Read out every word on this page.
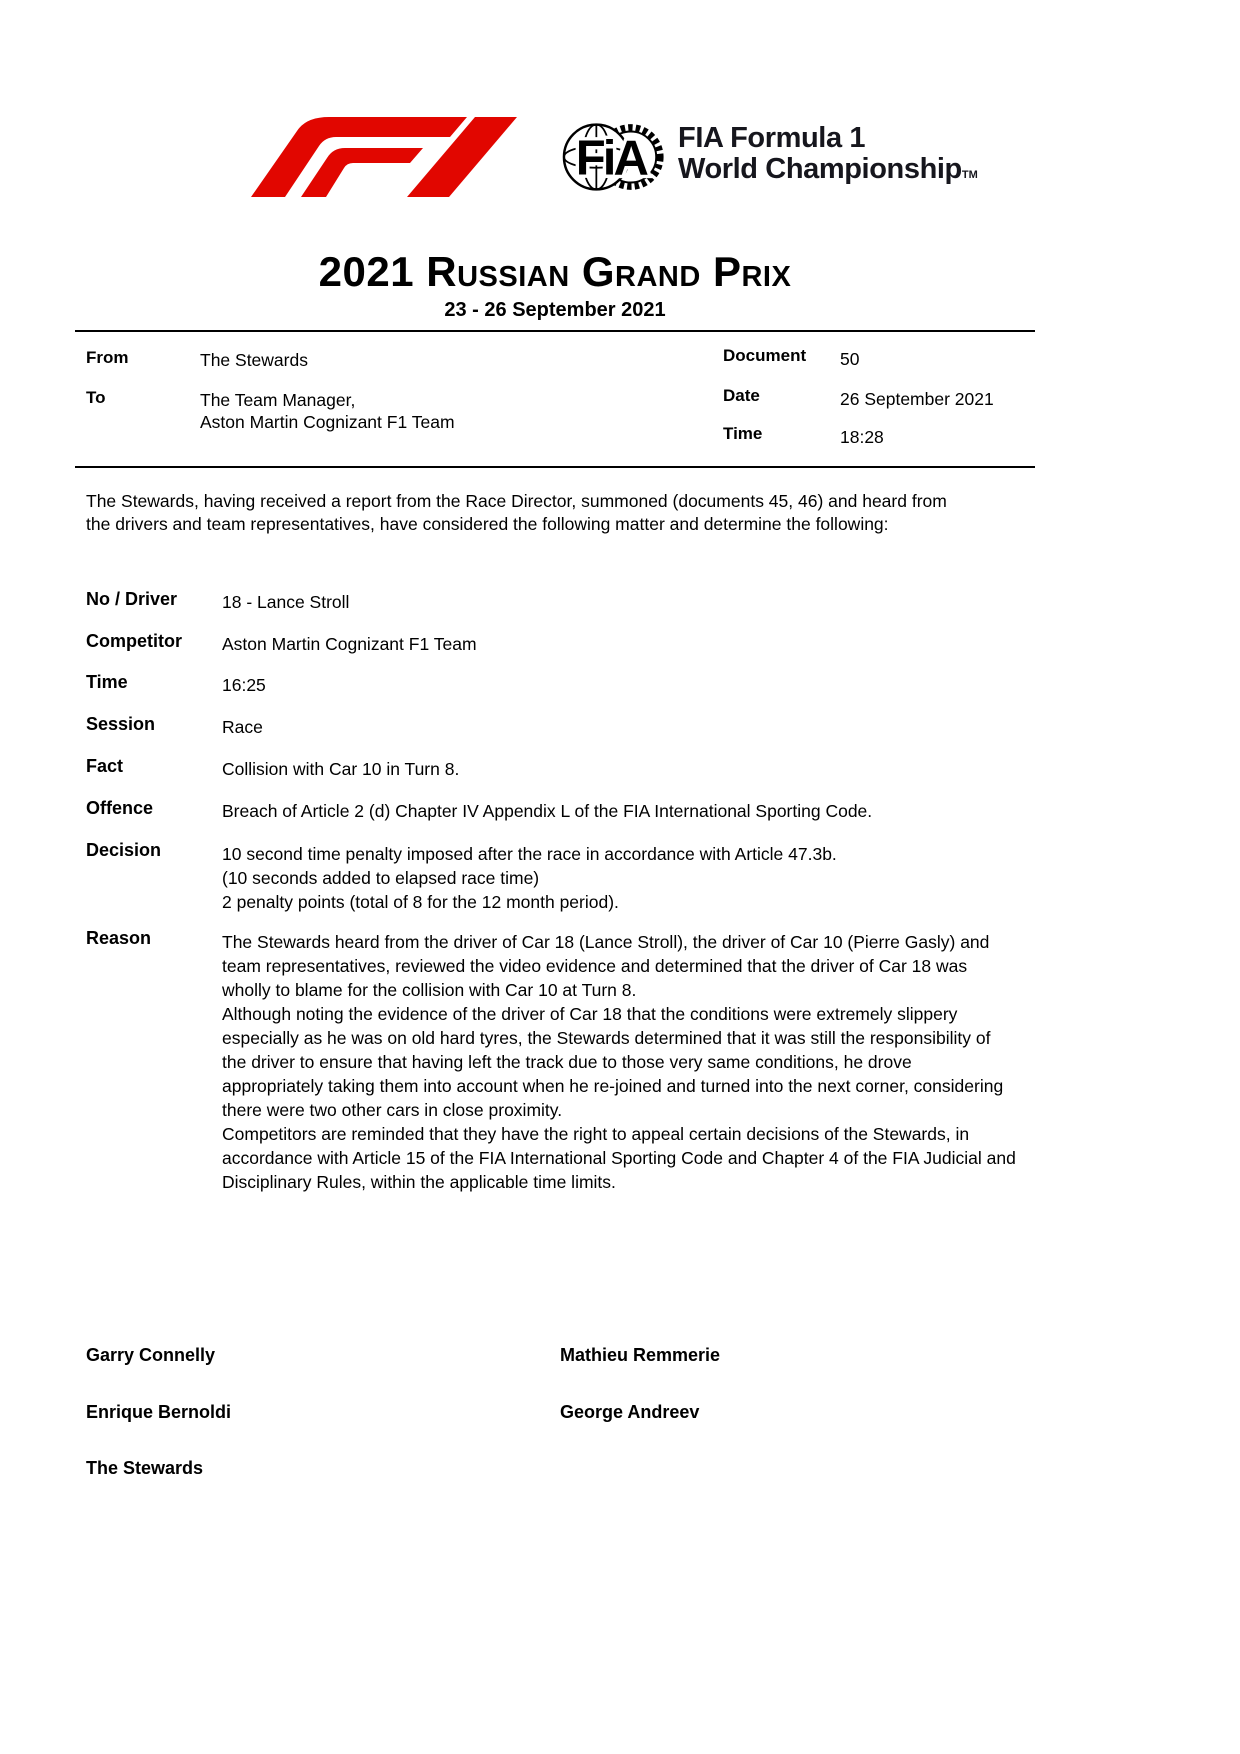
FiA FIA Formula 1
World ChampionshipTM
2021 Russian Grand Prix
23 - 26 September 2021
From	The Stewards
To	The Team Manager,
Aston Martin Cognizant F1 Team
Document 50
Date	26 September 2021
Time	18:28
The Stewards, having received a report from the Race Director, summoned (documents 45, 46) and heard from the drivers and team representatives, have considered the following matter and determine the following:
No / Driver	18 - Lance Stroll
Competitor Aston Martin Cognizant F1 Team
Time	16:25
Session	Race
Fact	Collision with Car 10 in Turn 8.
Offence	Breach of Article 2 (d) Chapter IV Appendix L of the FIA International Sporting Code.
Decision	10 second time penalty imposed after the race in accordance with Article 47.3b.
(10 seconds added to elapsed race time)
2 penalty points (total of 8 for the 12 month period).
Reason	The Stewards heard from the driver of Car 18 (Lance Stroll), the driver of Car 10 (Pierre Gasly) and team representatives, reviewed the video evidence and determined that the driver of Car 18 was wholly to blame for the collision with Car 10 at Turn 8.

Although noting the evidence of the driver of Car 18 that the conditions were extremely slippery especially as he was on old hard tyres, the Stewards determined that it was still the responsibility of the driver to ensure that having left the track due to those very same conditions, he drove appropriately taking them into account when he re-joined and turned into the next corner, considering there were two other cars in close proximity.

Competitors are reminded that they have the right to appeal certain decisions of the Stewards, in accordance with Article 15 of the FIA International Sporting Code and Chapter 4 of the FIA Judicial and Disciplinary Rules, within the applicable time limits.

Garry Connelly	Mathieu Remmerie
Enrique Bernoldi	George Andreev
The Stewards
